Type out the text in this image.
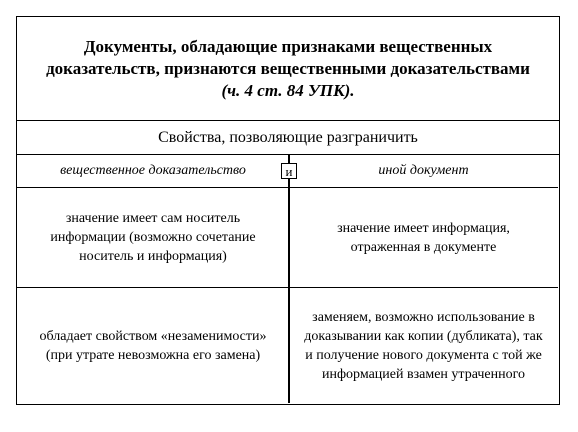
Документы, обладающие признаками вещественных доказательств, признаются вещественными доказательствами (ч. 4 ст. 84 УПК).
Свойства, позволяющие разграничить
вещественное доказательство	иной документ
и
значение имеет сам носитель информации (возможно сочетание носитель и информация)
значение имеет информация, отраженная в документе
обладает свойством «незаменимости» (при утрате невозможна его замена)
заменяем, возможно использование в доказывании как копии (дубликата), так и получение нового документа с той же информацией взамен утраченного
